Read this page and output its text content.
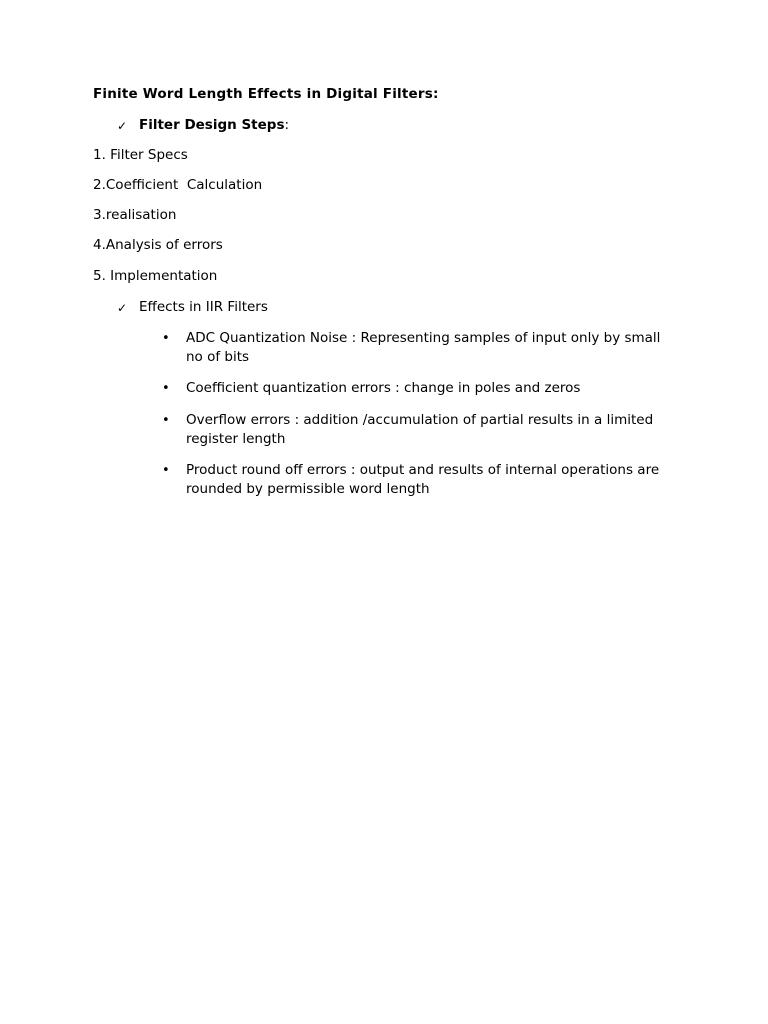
Finite Word Length Effects in Digital Filters:
✓ Filter Design Steps:
1. Filter Specs
2.Coefficient  Calculation
3.realisation
4.Analysis of errors
5. Implementation
✓ Effects in IIR Filters
•	ADC Quantization Noise : Representing samples of input only by small no of bits
•	Coefficient quantization errors : change in poles and zeros
•	Overflow errors : addition /accumulation of partial results in a limited register length
•	Product round off errors : output and results of internal operations are rounded by permissible word length
